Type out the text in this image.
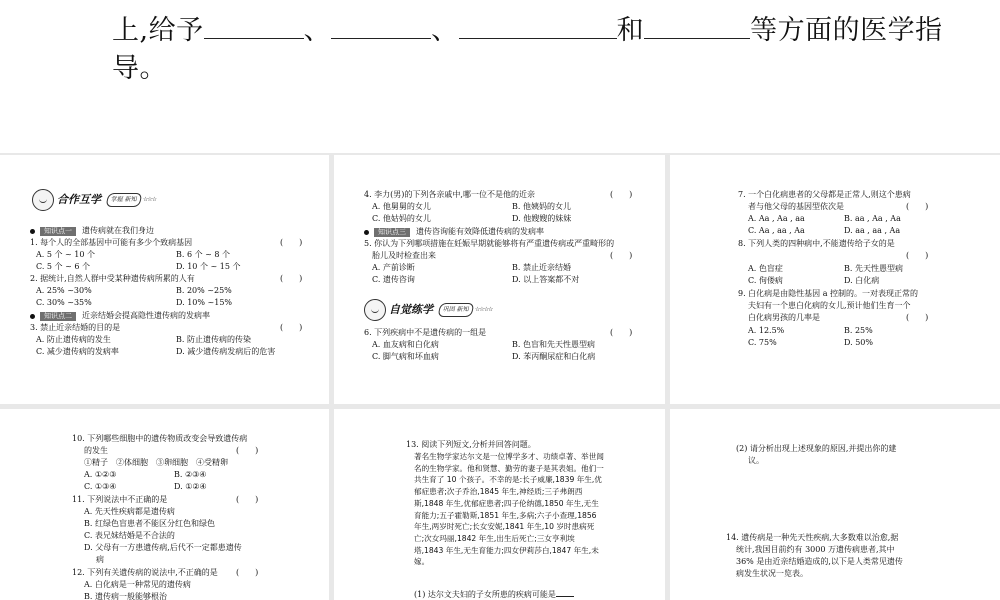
上,给予	、	、	和	等方面的医学指
导。
合作互学	掌握 新知 ☆☆☆
知识点一 遗传病就在我们身边
1. 每个人的全部基因中可能有多少个致病基因	(　　)
A. 5 个 ~ 10 个	B. 6 个 ~ 8 个
C. 5 个 ~ 6 个	D. 10 个 ~ 15 个
2. 据统计,自然人群中受某种遗传病所累的人有	(　　)
A. 25% ~30%	B. 20% ~25%
C. 30% ~35%	D. 10% ~15%
知识点二 近亲结婚会提高隐性遗传病的发病率
3. 禁止近亲结婚的目的是	(　　)
A. 防止遗传病的发生	B. 防止遗传病的传染
C. 减少遗传病的发病率	D. 减少遗传病发病后的危害
4. 李力(男)的下列各亲戚中,哪一位不是他的近亲	(　　)
A. 他舅舅的女儿	B. 他姨妈的女儿
C. 他姑妈的女儿	D. 他嫂嫂的妹妹
知识点三 遗传咨询能有效降低遗传病的发病率
5. 你认为下列哪项措施在妊娠早期就能够将有严重遗传病或严重畸形的
胎儿及时检查出来	(　　)
A. 产前诊断	B. 禁止近亲结婚
C. 遗传咨询	D. 以上答案都不对
自觉练学	巩固 新知 ☆☆☆☆
6. 下列疾病中不是遗传病的一组是	(　　)
A. 血友病和白化病	B. 色盲和先天性愚型病
C. 脚气病和坏血病	D. 苯丙酮尿症和白化病
7. 一个白化病患者的父母都是正常人,则这个患病
者与他父母的基因型依次是	(　　)
A. Aa , Aa , aa	B. aa , Aa , Aa
C. Aa , aa , Aa	D. aa , aa , Aa
8. 下列人类的四种病中,不能遗传给子女的是
(　　)
A. 色盲症	B. 先天性愚型病
C. 佝偻病	D. 白化病
9. 白化病是由隐性基因 a 控制的。一对表现正常的
夫妇有一个患白化病的女儿,预计他们生育一个
白化病男孩的几率是	(　　)
A. 12.5%	B. 25%
C. 75%	D. 50%
10. 下列哪些细胞中的遗传物质改变会导致遗传病
的发生	(　　)
①精子　②体细胞　③卵细胞　④受精卵
A. ①②③	B. ②③④
C. ①③④	D. ①②④
11. 下列说法中不正确的是	(　　)
A. 先天性疾病都是遗传病
B. 红绿色盲患者不能区分红色和绿色
C. 表兄妹结婚是不合法的
D. 父母有一方患遗传病,后代不一定都患遗传
病
12. 下列有关遗传病的说法中,不正确的是 (　　)
A. 白化病是一种常见的遗传病
B. 遗传病一般能够根治
13. 阅读下列短文,分析并回答问题。
著名生物学家达尔文是一位博学多才、功绩卓著、举世闻名的生物学家。他和贤慧、勤劳的妻子是其表姐。他们一共生育了 10 个孩子。不幸的是:长子威廉,1839 年生,优郁症患者;次子乔治,1845 年生,神经质;三子弗朗西斯,1848 年生,优郁症患者;四子伦纳德,1850 年生,无生育能力;五子霍勒斯,1851 年生,多病;六子小查理,1856 年生,两岁时死亡;长女安妮,1841 年生,10 岁时患病死亡;次女玛丽,1842 年生,出生后死亡;三女亨利埃塔,1843 年生,无生育能力;四女伊莉莎白,1847 年生,未嫁。
(1) 达尔文夫妇的子女所患的疾病可能是
(2) 请分析出现上述现象的原因,并提出你的建
议。
14. 遗传病是一种先天性疾病,大多数难以治愈,据
统计,我国目前约有 3000 万遗传病患者,其中
36% 是由近亲结婚造成的,以下是人类常见遗传
病发生状况一览表。
